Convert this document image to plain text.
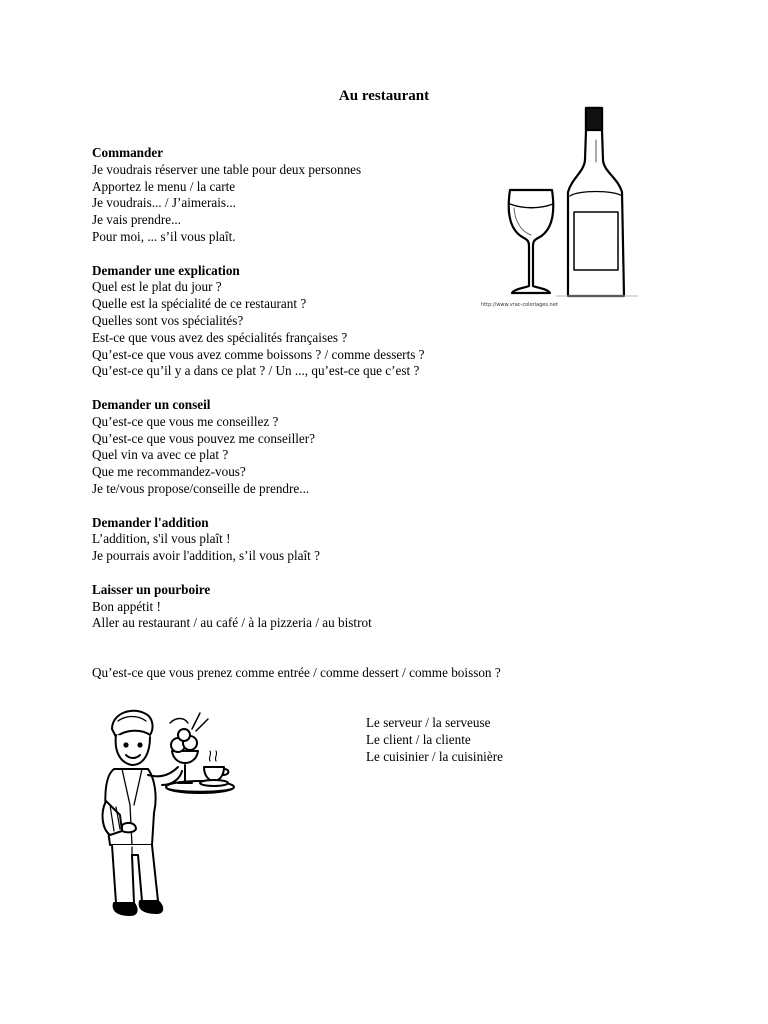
Au restaurant
Commander
Je voudrais réserver une table pour deux personnes
Apportez le menu / la carte
Je voudrais... / J’aimerais...
Je vais prendre...
Pour moi, ... s’il vous plaît.
Demander une explication
Quel est le plat du jour ?
Quelle est la spécialité de ce restaurant ?
Quelles sont vos spécialités?
Est-ce que vous avez des spécialités françaises ?
Qu’est-ce que vous avez comme boissons ? / comme desserts ?
Qu’est-ce qu’il y a dans ce plat ? / Un ..., qu’est-ce que c’est ?
Demander un conseil
Qu’est-ce que vous me conseillez ?
Qu’est-ce que vous pouvez me conseiller?
Quel vin va avec ce plat ?
Que me recommandez-vous?
Je te/vous propose/conseille de prendre...
Demander l'addition
L’addition, s'il vous plaît !
Je pourrais avoir l'addition, s’il vous plaît ?
Laisser un pourboire
Bon appétit !
Aller au restaurant / au café / à la pizzeria / au bistrot
Qu’est-ce que vous prenez comme entrée / comme dessert / comme boisson ?
Le serveur / la serveuse
Le client / la cliente
Le cuisinier / la cuisinière
http://www.vrac-coloriages.net
